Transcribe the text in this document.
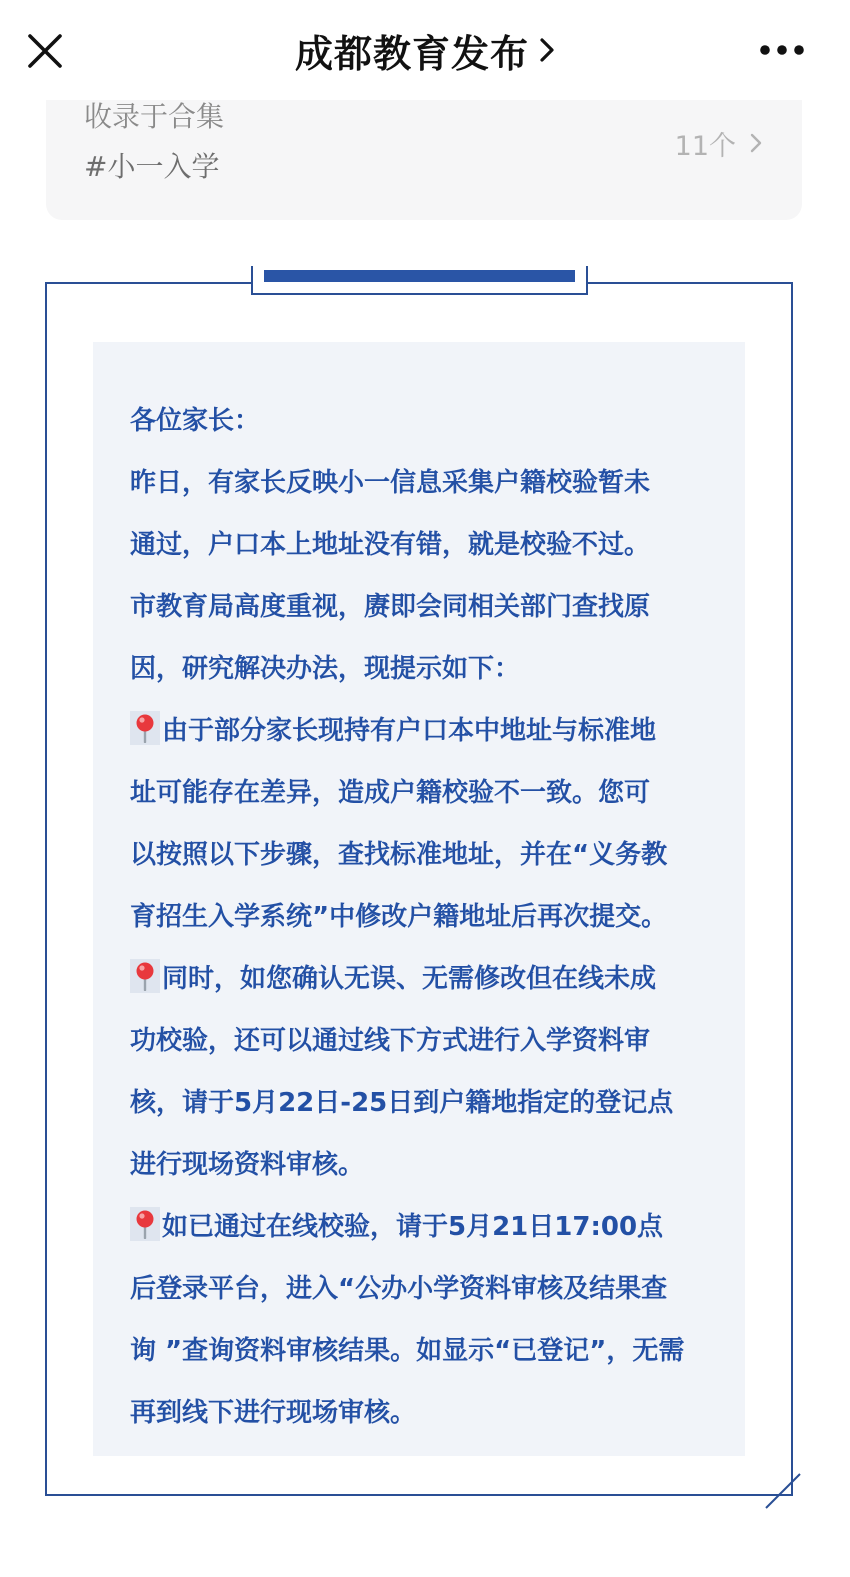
成都教育发布
收录于合集
#小一入学
11个
各位家长：
昨日，有家长反映小一信息采集户籍校验暂未
通过，户口本上地址没有错，就是校验不过。
市教育局高度重视，赓即会同相关部门查找原
因，研究解决办法，现提示如下：
由于部分家长现持有户口本中地址与标准地
址可能存在差异，造成户籍校验不一致。您可
以按照以下步骤，查找标准地址，并在“义务教
育招生入学系统”中修改户籍地址后再次提交。
同时，如您确认无误、无需修改但在线未成
功校验，还可以通过线下方式进行入学资料审
核，请于5月22日-25日到户籍地指定的登记点
进行现场资料审核。
如已通过在线校验，请于5月21日17:00点
后登录平台，进入“公办小学资料审核及结果查
询 ”查询资料审核结果。如显示“已登记”，无需
再到线下进行现场审核。
